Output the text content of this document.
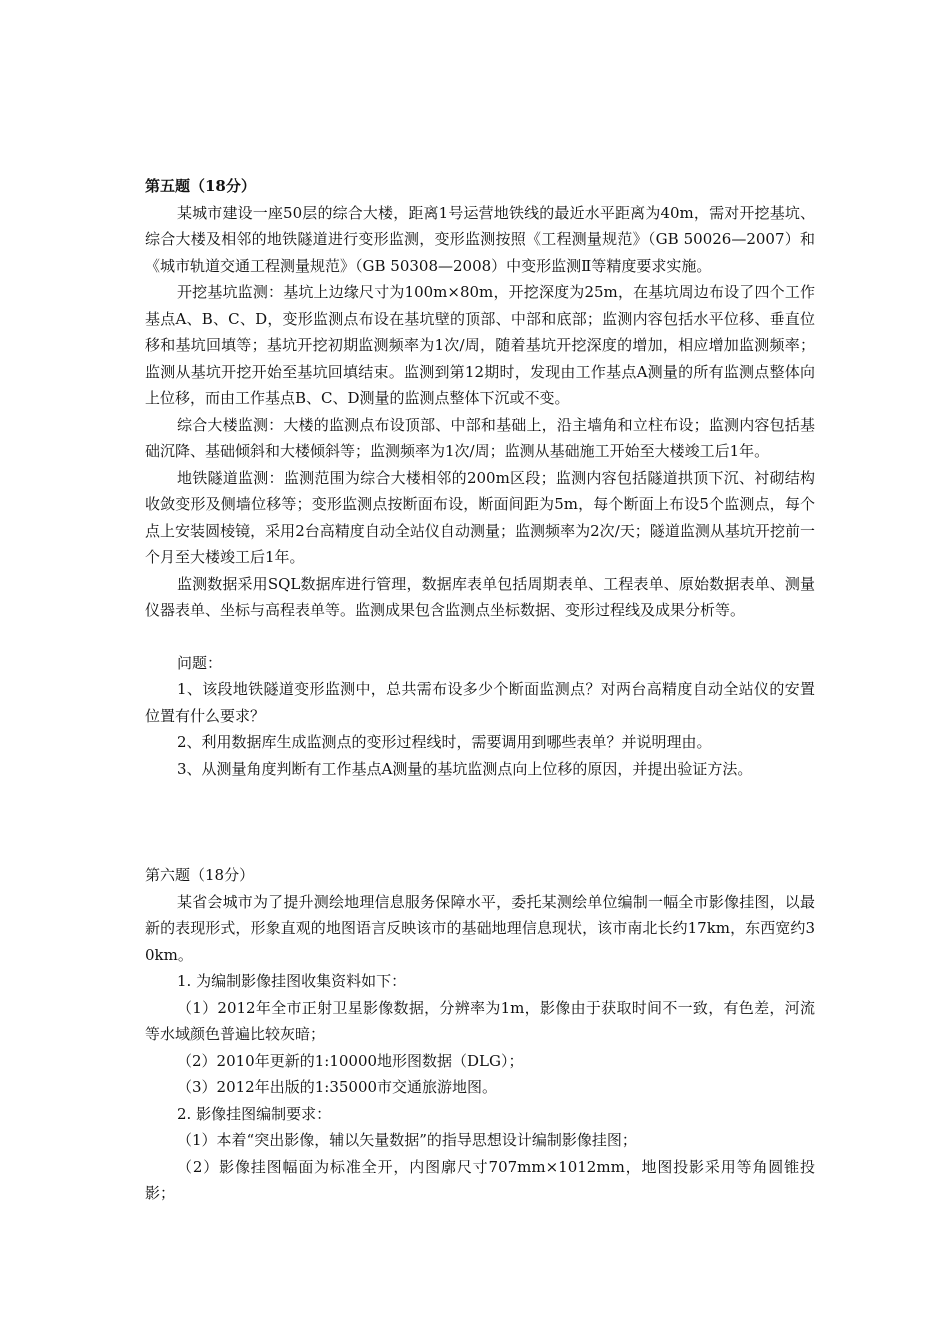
第五题（18分）

某城市建设一座50层的综合大楼，距离1号运营地铁线的最近水平距离为40m，需对开挖基坑、综合大楼及相邻的地铁隧道进行变形监测，变形监测按照《工程测量规范》（GB 50026—2007）和《城市轨道交通工程测量规范》（GB 50308—2008）中变形监测Ⅱ等精度要求实施。

开挖基坑监测：基坑上边缘尺寸为100m×80m，开挖深度为25m，在基坑周边布设了四个工作基点A、B、C、D，变形监测点布设在基坑壁的顶部、中部和底部；监测内容包括水平位移、垂直位移和基坑回填等；基坑开挖初期监测频率为1次/周，随着基坑开挖深度的增加，相应增加监测频率；监测从基坑开挖开始至基坑回填结束。监测到第12期时，发现由工作基点A测量的所有监测点整体向上位移，而由工作基点B、C、D测量的监测点整体下沉或不变。

综合大楼监测：大楼的监测点布设顶部、中部和基础上，沿主墙角和立柱布设；监测内容包括基础沉降、基础倾斜和大楼倾斜等；监测频率为1次/周；监测从基础施工开始至大楼竣工后1年。

地铁隧道监测：监测范围为综合大楼相邻的200m区段；监测内容包括隧道拱顶下沉、衬砌结构收敛变形及侧墙位移等；变形监测点按断面布设，断面间距为5m，每个断面上布设5个监测点，每个点上安装圆棱镜，采用2台高精度自动全站仪自动测量；监测频率为2次/天；隧道监测从基坑开挖前一个月至大楼竣工后1年。

监测数据采用SQL数据库进行管理，数据库表单包括周期表单、工程表单、原始数据表单、测量仪器表单、坐标与高程表单等。监测成果包含监测点坐标数据、变形过程线及成果分析等。

问题：

1、该段地铁隧道变形监测中，总共需布设多少个断面监测点？对两台高精度自动全站仪的安置位置有什么要求？

2、利用数据库生成监测点的变形过程线时，需要调用到哪些表单？并说明理由。

3、从测量角度判断有工作基点A测量的基坑监测点向上位移的原因，并提出验证方法。

第六题（18分）

某省会城市为了提升测绘地理信息服务保障水平，委托某测绘单位编制一幅全市影像挂图，以最新的表现形式，形象直观的地图语言反映该市的基础地理信息现状，该市南北长约17km，东西宽约30km。

1. 为编制影像挂图收集资料如下：

（1）2012年全市正射卫星影像数据，分辨率为1m，影像由于获取时间不一致，有色差，河流等水域颜色普遍比较灰暗；

（2）2010年更新的1:10000地形图数据（DLG）；

（3）2012年出版的1:35000市交通旅游地图。

2. 影像挂图编制要求：

（1）本着“突出影像，辅以矢量数据”的指导思想设计编制影像挂图；

（2）影像挂图幅面为标准全开，内图廓尺寸707mm×1012mm，地图投影采用等角圆锥投影；
